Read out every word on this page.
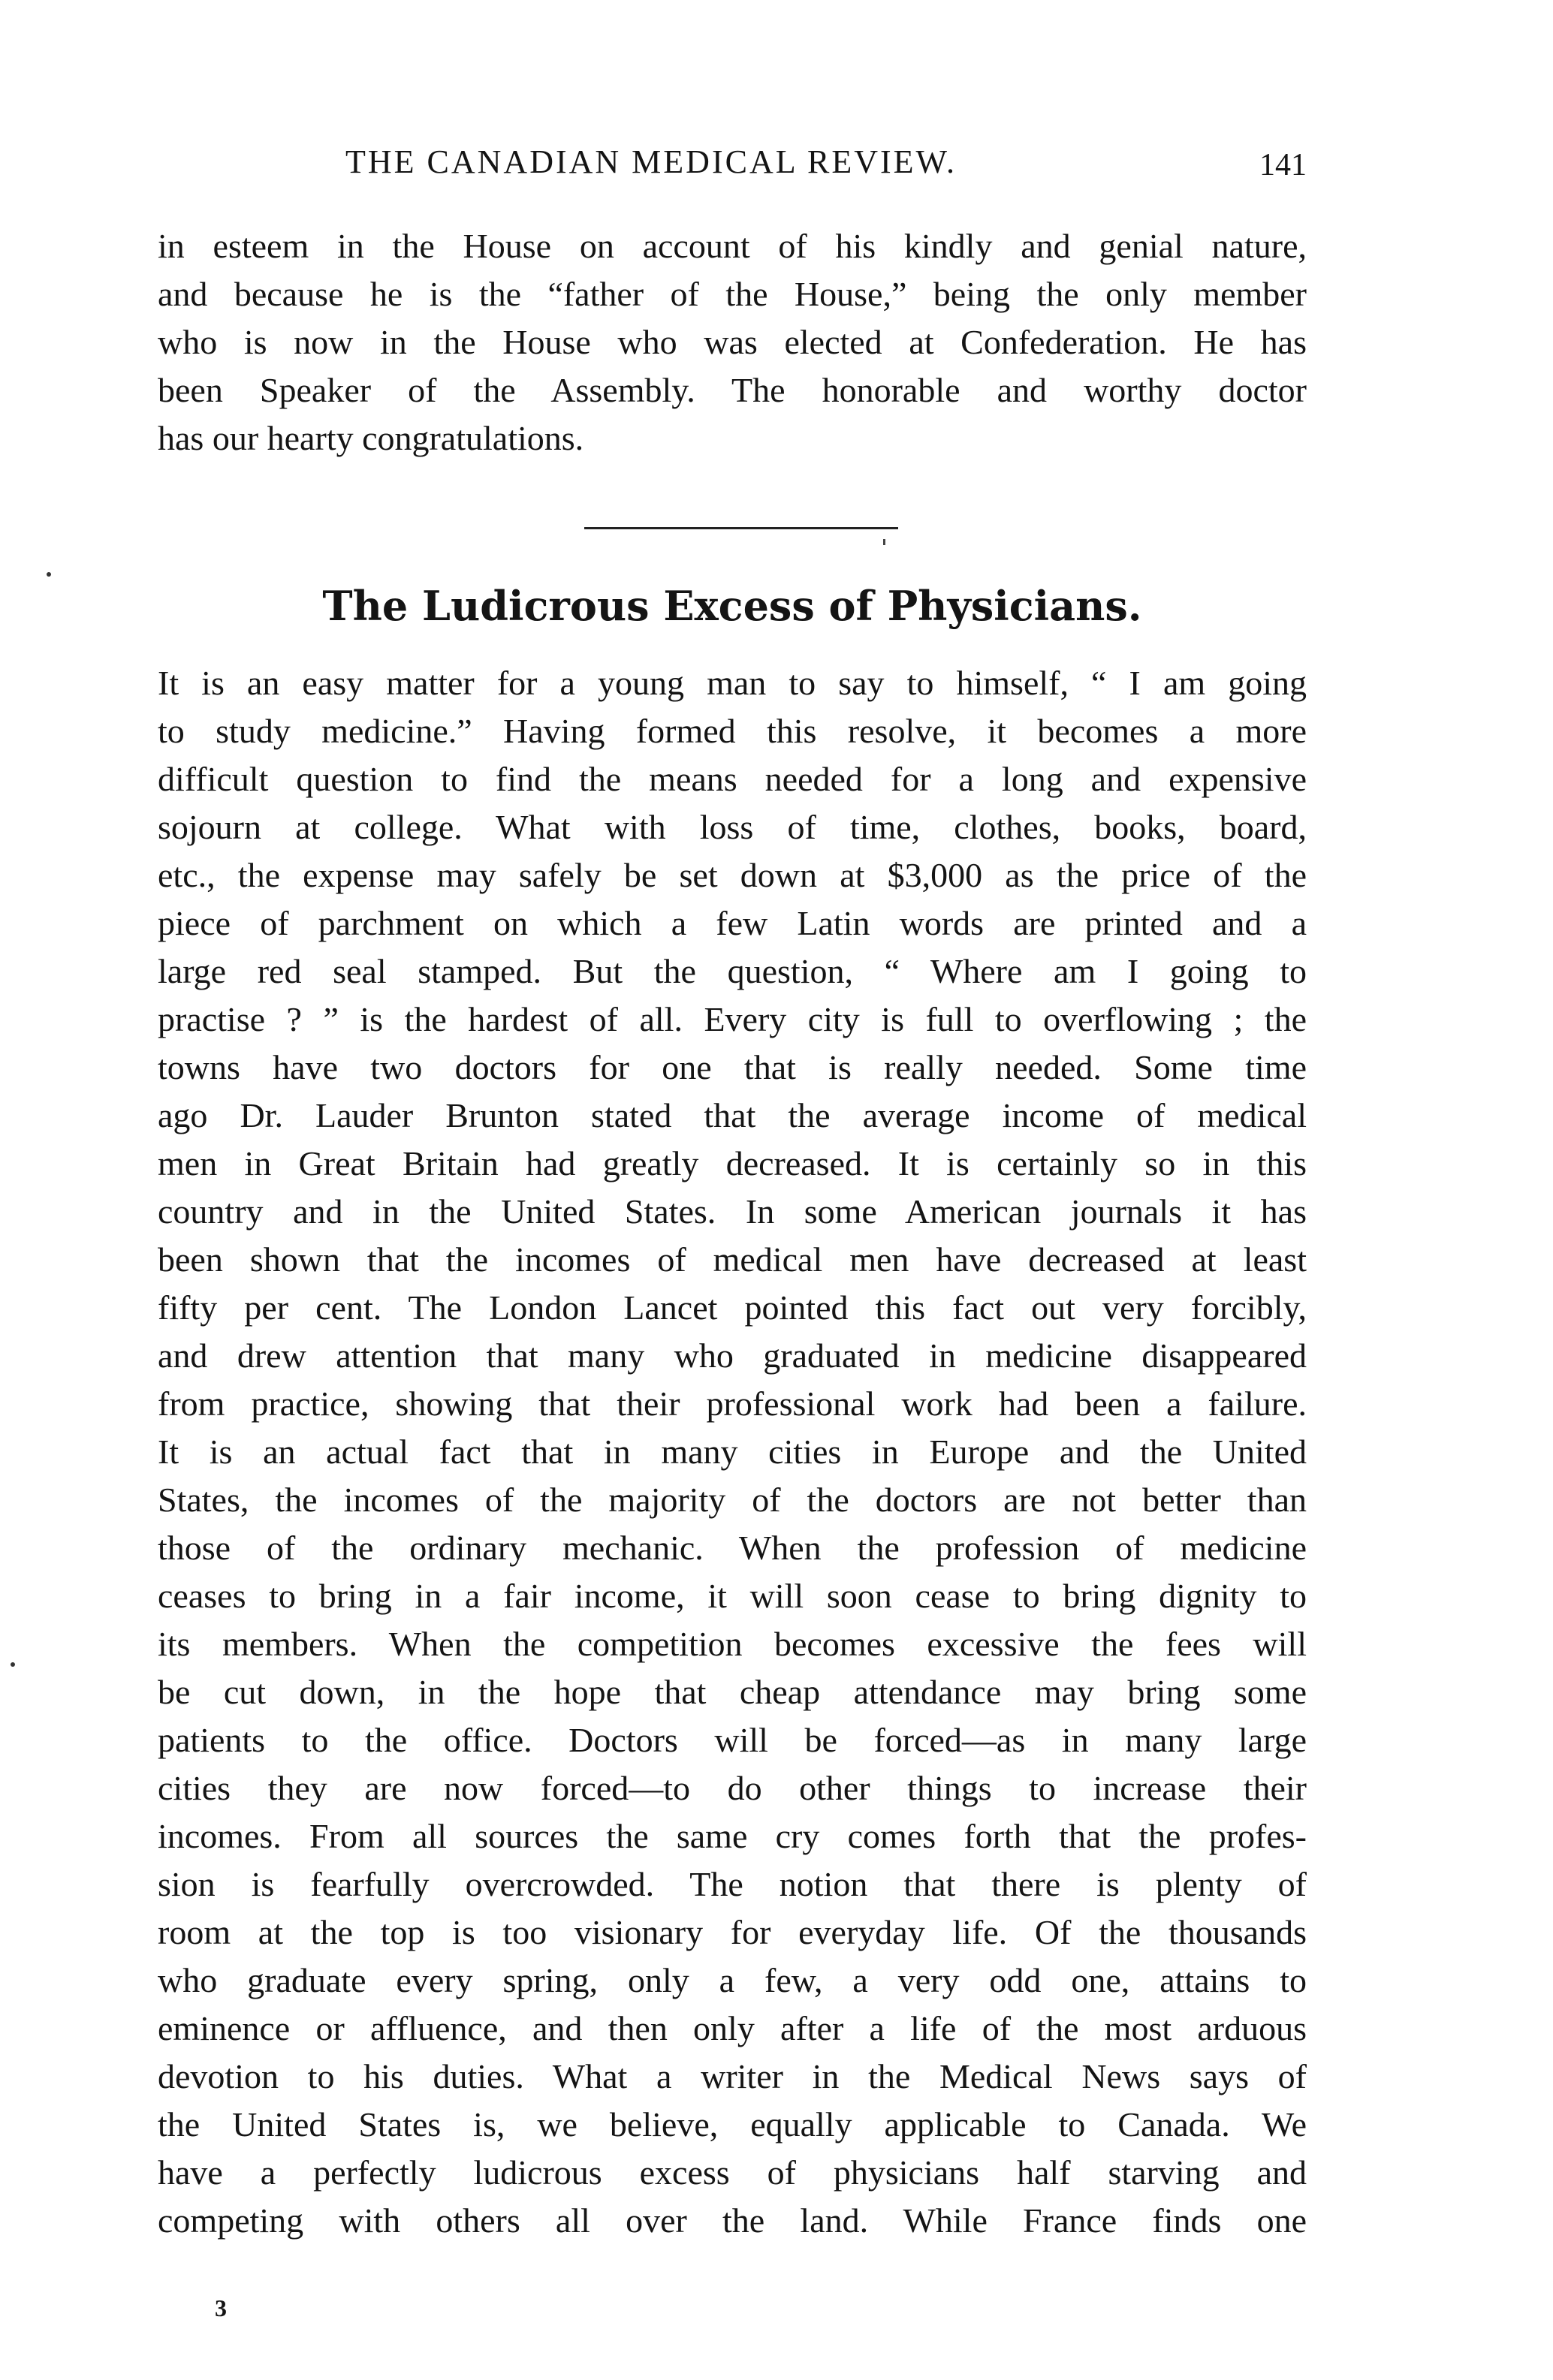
THE CANADIAN MEDICAL REVIEW.	141
in esteem in the House on account of his kindly and genial nature,
and because he is the “father of the House,” being the only member
who is now in the House who was elected at Confederation. He has
been Speaker of the Assembly. The honorable and worthy doctor
has our hearty congratulations.
The Ludicrous Excess of Physicians.
It is an easy matter for a young man to say to himself, “ I am going
to study medicine.” Having formed this resolve, it becomes a more
difficult question to find the means needed for a long and expensive
sojourn at college. What with loss of time, clothes, books, board,
etc., the expense may safely be set down at $3,000 as the price of the
piece of parchment on which a few Latin words are printed and a
large red seal stamped. But the question, “ Where am I going to
practise ? ” is the hardest of all. Every city is full to overflowing ; the
towns have two doctors for one that is really needed. Some time
ago Dr. Lauder Brunton stated that the average income of medical
men in Great Britain had greatly decreased. It is certainly so in this
country and in the United States. In some American journals it has
been shown that the incomes of medical men have decreased at least
fifty per cent. The London Lancet pointed this fact out very forcibly,
and drew attention that many who graduated in medicine disappeared
from practice, showing that their professional work had been a failure.
It is an actual fact that in many cities in Europe and the United
States, the incomes of the majority of the doctors are not better than
those of the ordinary mechanic. When the profession of medicine
ceases to bring in a fair income, it will soon cease to bring dignity to
its members. When the competition becomes excessive the fees will
be cut down, in the hope that cheap attendance may bring some
patients to the office. Doctors will be forced—as in many large
cities they are now forced—to do other things to increase their
incomes. From all sources the same cry comes forth that the profes-
sion is fearfully overcrowded. The notion that there is plenty of
room at the top is too visionary for everyday life. Of the thousands
who graduate every spring, only a few, a very odd one, attains to
eminence or affluence, and then only after a life of the most arduous
devotion to his duties. What a writer in the Medical News says of
the United States is, we believe, equally applicable to Canada. We
have a perfectly ludicrous excess of physicians half starving and
competing with others all over the land. While France finds one
3
